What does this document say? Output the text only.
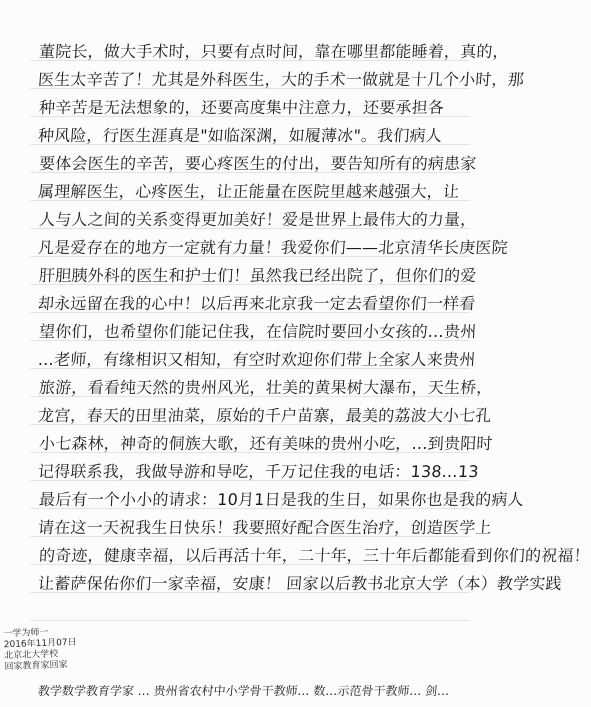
董院长，做大手术时，只要有点时间，靠在哪里都能睡着，真的，
医生太辛苦了！尤其是外科医生，大的手术一做就是十几个小时，那
种辛苦是无法想象的，还要高度集中注意力，还要承担各
种风险，行医生涯真是"如临深渊，如履薄冰"。我们病人
要体会医生的辛苦，要心疼医生的付出，要告知所有的病患家
属理解医生，心疼医生，让正能量在医院里越来越强大，让
人与人之间的关系变得更加美好！爱是世界上最伟大的力量，
凡是爱存在的地方一定就有力量！我爱你们——北京清华长庚医院
肝胆胰外科的医生和护士们！虽然我已经出院了，但你们的爱
却永远留在我的心中！以后再来北京我一定去看望你们一样看
望你们，也希望你们能记住我，在信院时要回小女孩的…贵州
…老师，有缘相识又相知，有空时欢迎你们带上全家人来贵州
旅游，看看纯天然的贵州风光，壮美的黄果树大瀑布，天生桥，
龙宫，春天的田里油菜，原始的千户苗寨，最美的荔波大小七孔
小七森林，神奇的侗族大歌，还有美味的贵州小吃，…到贵阳时
记得联系我，我做导游和导吃，千万记住我的电话：138…13
最后有一个小小的请求：10月1日是我的生日，如果你也是我的病人
请在这一天祝我生日快乐！我要照好配合医生治疗，创造医学上
的奇迹，健康幸福，以后再活十年，二十年，三十年后都能看到你们的祝福！
让蓄萨保佑你们一家幸福，安康！ 回家以后教书北京大学（本）教学实践
一学为师一
2016年11月07日
北京北大学校
回家教育家回家
教学数学教育学家 … 贵州省农村中小学骨干教师… 数…示范骨干教师… 剑…
